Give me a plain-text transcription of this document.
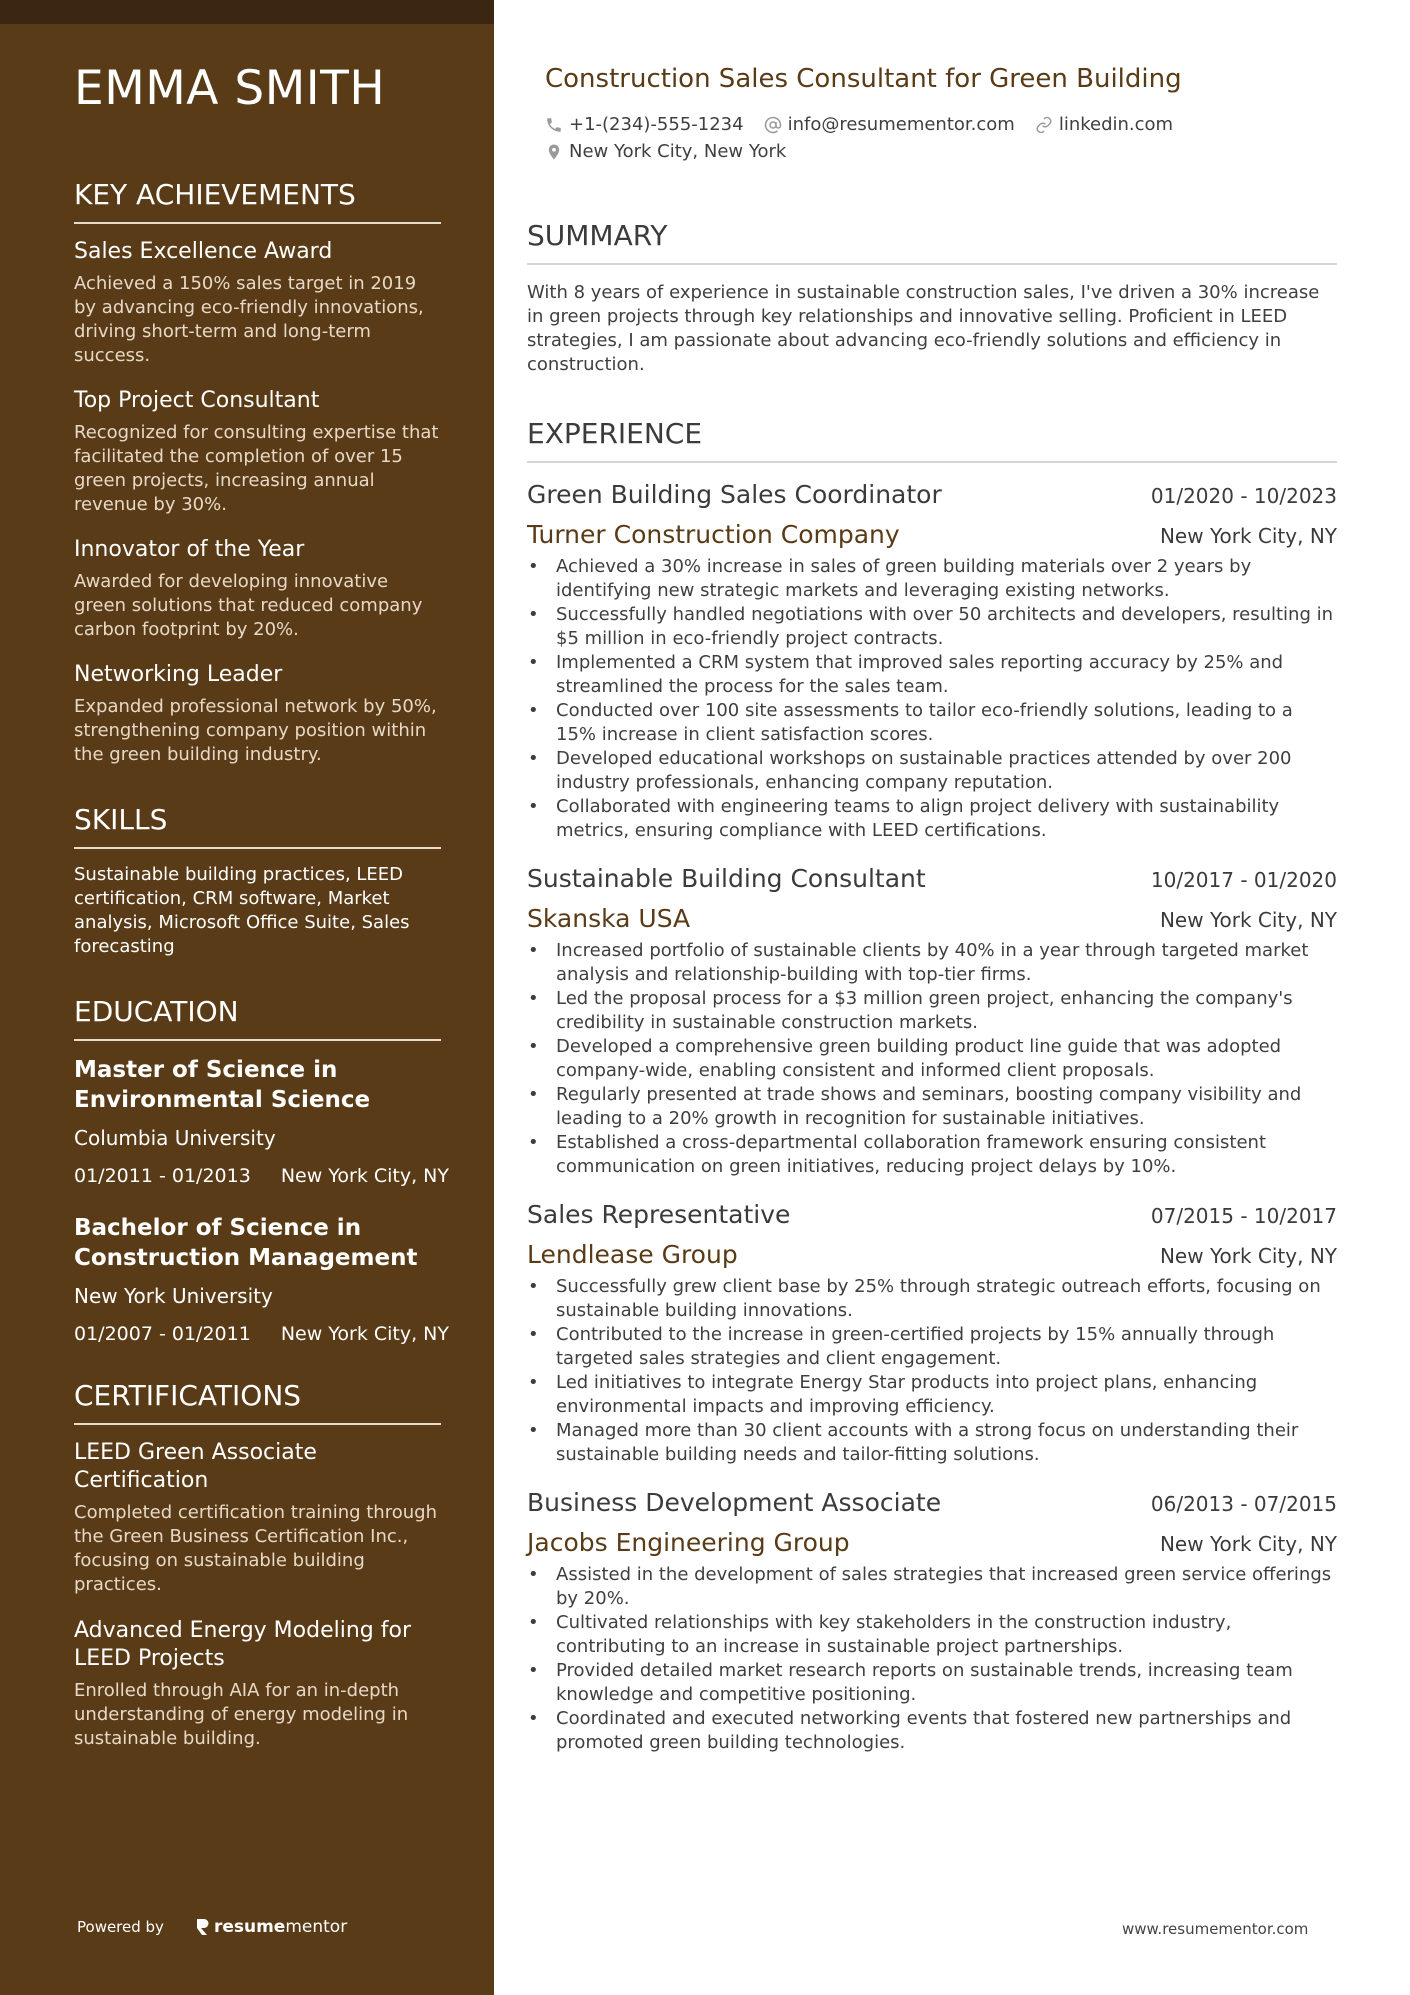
EMMA SMITH
KEY ACHIEVEMENTS
Sales Excellence Award
Achieved a 150% sales target in 2019 by advancing eco-friendly innovations, driving short-term and long-term success.
Top Project Consultant
Recognized for consulting expertise that facilitated the completion of over 15 green projects, increasing annual revenue by 30%.
Innovator of the Year
Awarded for developing innovative green solutions that reduced company carbon footprint by 20%.
Networking Leader
Expanded professional network by 50%, strengthening company position within the green building industry.
SKILLS
Sustainable building practices, LEED certification, CRM software, Market analysis, Microsoft Office Suite, Sales forecasting
EDUCATION
Master of Science in Environmental Science
Columbia University
01/2011 - 01/2013 New York City, NY
Bachelor of Science in Construction Management
New York University
01/2007 - 01/2011 New York City, NY
CERTIFICATIONS
LEED Green Associate Certification
Completed certification training through the Green Business Certification Inc., focusing on sustainable building practices.
Advanced Energy Modeling for LEED Projects
Enrolled through AIA for an in-depth understanding of energy modeling in sustainable building.
Powered by	resume mentor
Construction Sales Consultant for Green Building
+1-(234)-555-1234 info@resumementor.com linkedin.com
New York City, New York
SUMMARY
With 8 years of experience in sustainable construction sales, I've driven a 30% increase in green projects through key relationships and innovative selling. Proficient in LEED strategies, I am passionate about advancing eco-friendly solutions and efficiency in construction.
EXPERIENCE
Green Building Sales Coordinator	01/2020 - 10/2023
Turner Construction Company	New York City, NY
• Achieved a 30% increase in sales of green building materials over 2 years by identifying new strategic markets and leveraging existing networks.
• Successfully handled negotiations with over 50 architects and developers, resulting in $5 million in eco-friendly project contracts.
• Implemented a CRM system that improved sales reporting accuracy by 25% and streamlined the process for the sales team.
• Conducted over 100 site assessments to tailor eco-friendly solutions, leading to a 15% increase in client satisfaction scores.
• Developed educational workshops on sustainable practices attended by over 200 industry professionals, enhancing company reputation.
• Collaborated with engineering teams to align project delivery with sustainability metrics, ensuring compliance with LEED certifications.
Sustainable Building Consultant	10/2017 - 01/2020
Skanska USA	New York City, NY
• Increased portfolio of sustainable clients by 40% in a year through targeted market analysis and relationship-building with top-tier firms.
• Led the proposal process for a $3 million green project, enhancing the company's credibility in sustainable construction markets.
• Developed a comprehensive green building product line guide that was adopted company-wide, enabling consistent and informed client proposals.
• Regularly presented at trade shows and seminars, boosting company visibility and leading to a 20% growth in recognition for sustainable initiatives.
• Established a cross-departmental collaboration framework ensuring consistent communication on green initiatives, reducing project delays by 10%.
Sales Representative	07/2015 - 10/2017
Lendlease Group	New York City, NY
• Successfully grew client base by 25% through strategic outreach efforts, focusing on sustainable building innovations.
• Contributed to the increase in green-certified projects by 15% annually through targeted sales strategies and client engagement.
• Led initiatives to integrate Energy Star products into project plans, enhancing environmental impacts and improving efficiency.
• Managed more than 30 client accounts with a strong focus on understanding their sustainable building needs and tailor-fitting solutions.
Business Development Associate	06/2013 - 07/2015
Jacobs Engineering Group	New York City, NY
• Assisted in the development of sales strategies that increased green service offerings by 20%.
• Cultivated relationships with key stakeholders in the construction industry, contributing to an increase in sustainable project partnerships.
• Provided detailed market research reports on sustainable trends, increasing team knowledge and competitive positioning.
• Coordinated and executed networking events that fostered new partnerships and promoted green building technologies.
www.resumementor.com
